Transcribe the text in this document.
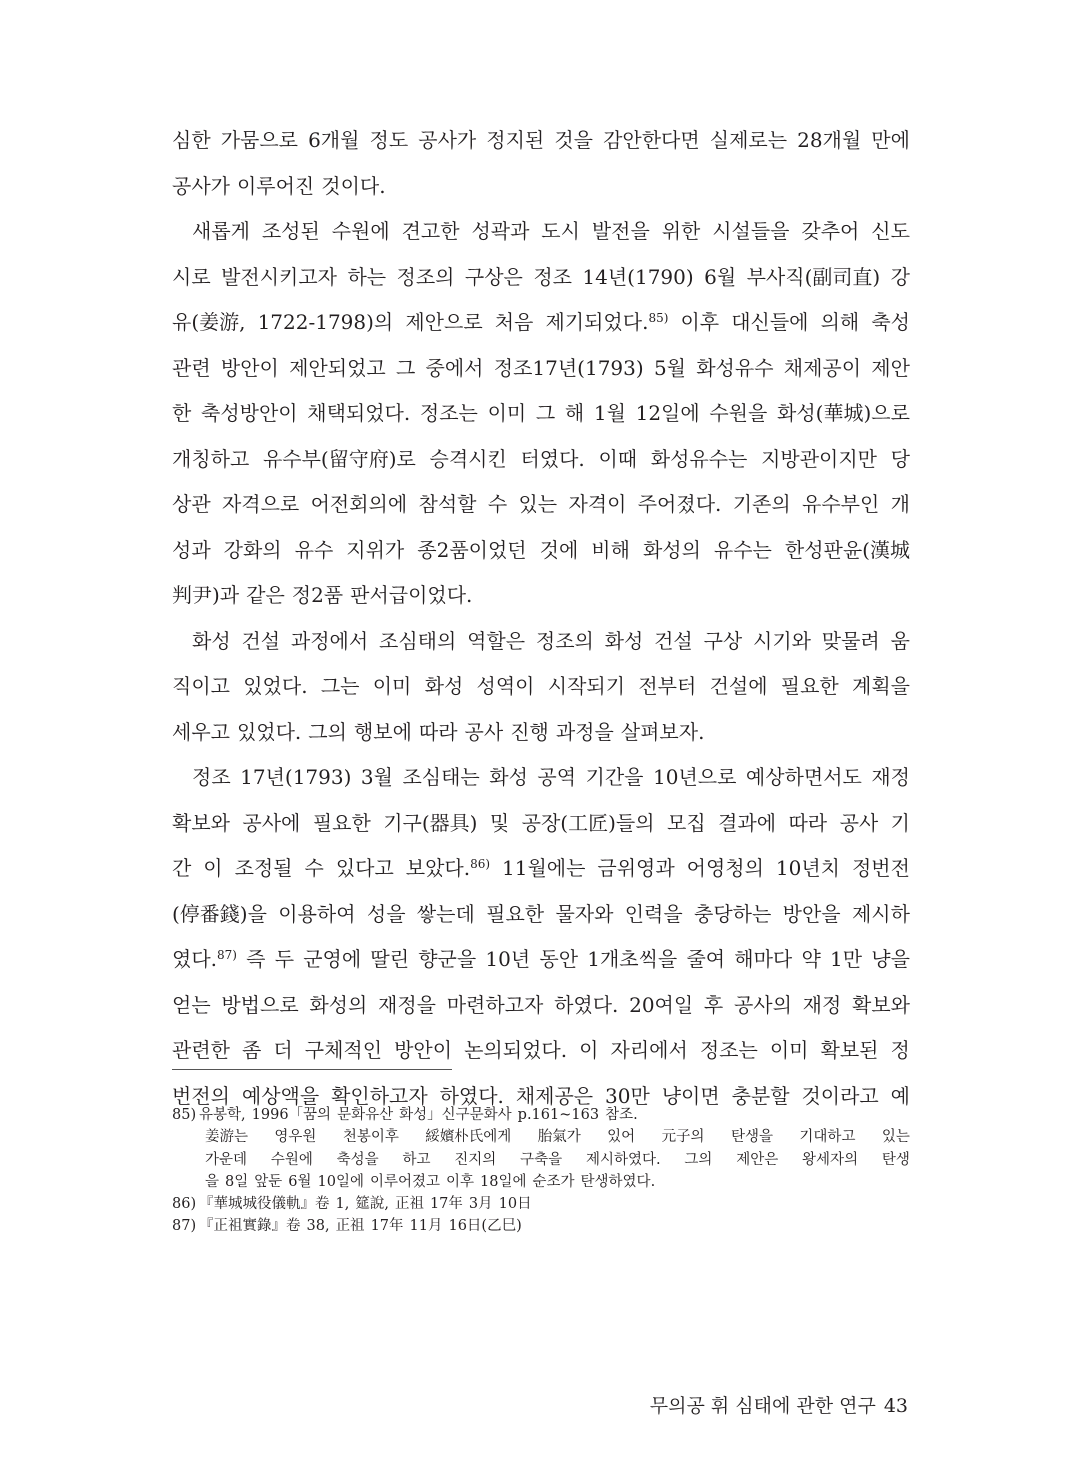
심한 가뭄으로 6개월 정도 공사가 정지된 것을 감안한다면 실제로는 28개월 만에
공사가 이루어진 것이다.
새롭게 조성된 수원에 견고한 성곽과 도시 발전을 위한 시설들을 갖추어 신도
시로 발전시키고자 하는 정조의 구상은 정조 14년(1790) 6월 부사직(副司直) 강
유(姜游, 1722-1798)의 제안으로 처음 제기되었다.$^{85)}$ 이후 대신들에 의해 축성
관련 방안이 제안되었고 그 중에서 정조17년(1793) 5월 화성유수 채제공이 제안
한 축성방안이 채택되었다. 정조는 이미 그 해 1월 12일에 수원을 화성(華城)으로
개칭하고 유수부(留守府)로 승격시킨 터였다. 이때 화성유수는 지방관이지만 당
상관 자격으로 어전회의에 참석할 수 있는 자격이 주어졌다. 기존의 유수부인 개
성과 강화의 유수 지위가 종2품이었던 것에 비해 화성의 유수는 한성판윤(漢城
判尹)과 같은 정2품 판서급이었다.
화성 건설 과정에서 조심태의 역할은 정조의 화성 건설 구상 시기와 맞물려 움
직이고 있었다. 그는 이미 화성 성역이 시작되기 전부터 건설에 필요한 계획을
세우고 있었다. 그의 행보에 따라 공사 진행 과정을 살펴보자.
정조 17년(1793) 3월 조심태는 화성 공역 기간을 10년으로 예상하면서도 재정
확보와 공사에 필요한 기구(器具) 및 공장(工匠)들의 모집 결과에 따라 공사 기
간 이 조정될 수 있다고 보았다.$^{86)}$ 11월에는 금위영과 어영청의 10년치 정번전
(停番錢)을 이용하여 성을 쌓는데 필요한 물자와 인력을 충당하는 방안을 제시하
였다.$^{87)}$ 즉 두 군영에 딸린 향군을 10년 동안 1개초씩을 줄여 해마다 약 1만 냥을
얻는 방법으로 화성의 재정을 마련하고자 하였다. 20여일 후 공사의 재정 확보와
관련한 좀 더 구체적인 방안이 논의되었다. 이 자리에서 정조는 이미 확보된 정
번전의 예상액을 확인하고자 하였다. 채제공은 30만 냥이면 충분할 것이라고 예
85) 유봉학, 1996「꿈의 문화유산 화성」신구문화사 p.161~163 참조.
姜游는 영우원 천봉이후 綏嬪朴氏에게 胎氣가 있어 元子의 탄생을 기대하고 있는
가운데 수원에 축성을 하고 진지의 구축을 제시하였다. 그의 제안은 왕세자의 탄생
을 8일 앞둔 6월 10일에 이루어졌고 이후 18일에 순조가 탄생하였다.
86) 『華城城役儀軌』卷 1, 筵說, 正祖 17年 3月 10日
87) 『正祖實錄』卷 38, 正祖 17年 11月 16日(乙巳)
무의공 휘 심태에 관한 연구 43
